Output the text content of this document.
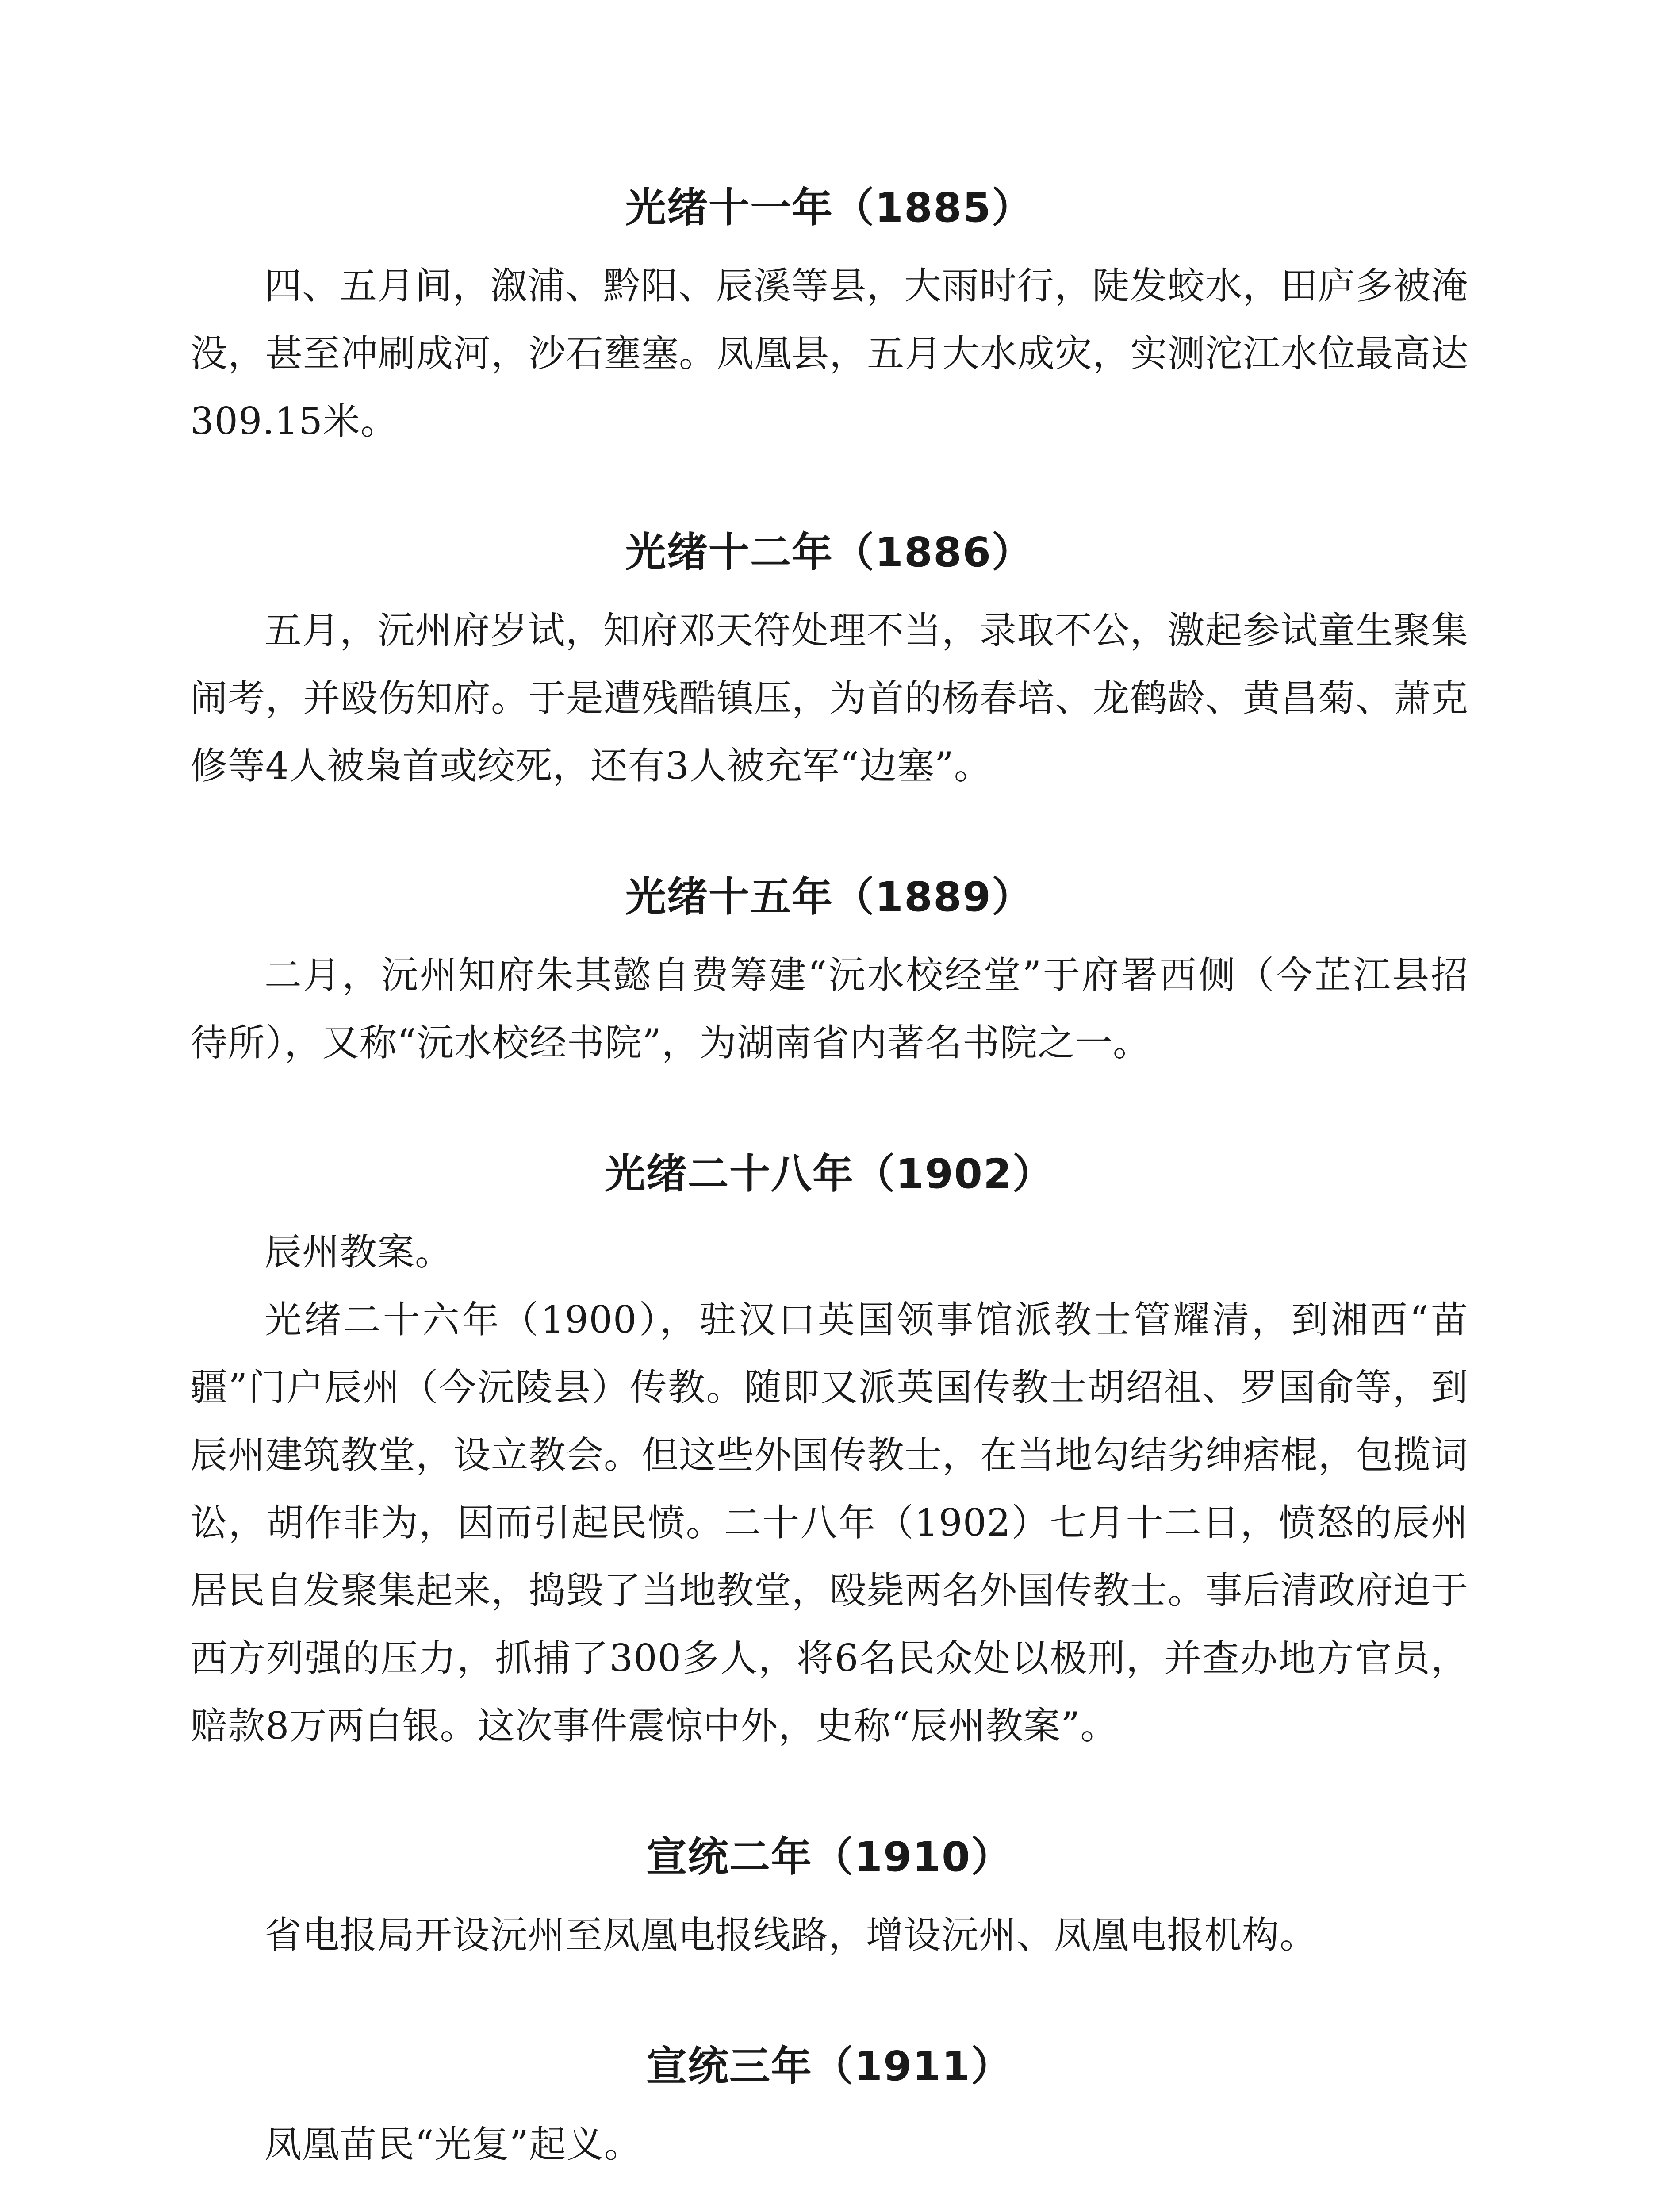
光绪十一年（1885）

四、五月间，溆浦、黔阳、辰溪等县，大雨时行，陡发蛟水，田庐多被淹没，甚至冲刷成河，沙石壅塞。凤凰县，五月大水成灾，实测沱江水位最高达309.15米。

光绪十二年（1886）

五月，沅州府岁试，知府邓天符处理不当，录取不公，激起参试童生聚集闹考，并殴伤知府。于是遭残酷镇压，为首的杨春培、龙鹤龄、黄昌菊、萧克修等4人被枭首或绞死，还有3人被充军“边塞”。

光绪十五年（1889）

二月，沅州知府朱其懿自费筹建“沅水校经堂”于府署西侧（今芷江县招待所），又称“沅水校经书院”，为湖南省内著名书院之一。

光绪二十八年（1902）

辰州教案。

光绪二十六年（1900），驻汉口英国领事馆派教士管耀清，到湘西“苗疆”门户辰州（今沅陵县）传教。随即又派英国传教士胡绍祖、罗国俞等，到辰州建筑教堂，设立教会。但这些外国传教士，在当地勾结劣绅痞棍，包揽词讼，胡作非为，因而引起民愤。二十八年（1902）七月十二日，愤怒的辰州居民自发聚集起来，捣毁了当地教堂，殴毙两名外国传教士。事后清政府迫于西方列强的压力，抓捕了300多人，将6名民众处以极刑，并查办地方官员，赔款8万两白银。这次事件震惊中外，史称“辰州教案”。

宣统二年（1910）

省电报局开设沅州至凤凰电报线路，增设沅州、凤凰电报机构。

宣统三年（1911）

凤凰苗民“光复”起义。
